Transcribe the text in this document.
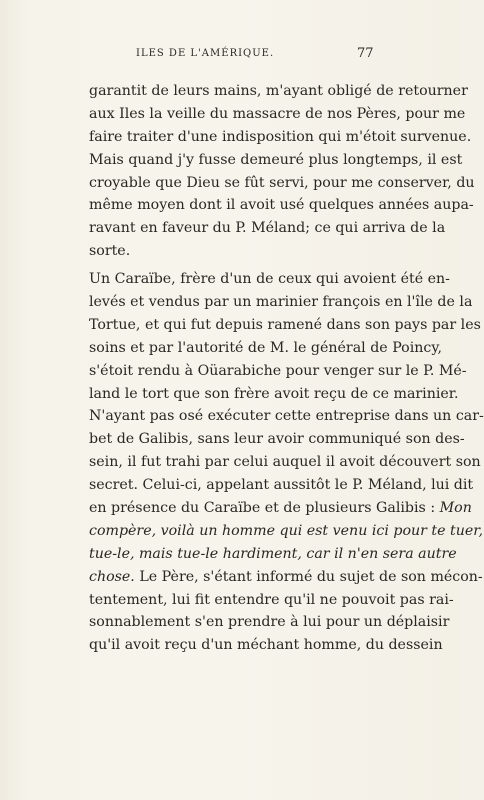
ILES DE L'AMÉRIQUE.	77
garantit de leurs mains, m'ayant obligé de retourner
aux Iles la veille du massacre de nos Pères, pour me
faire traiter d'une indisposition qui m'étoit survenue.
Mais quand j'y fusse demeuré plus longtemps, il est
croyable que Dieu se fût servi, pour me conserver, du
même moyen dont il avoit usé quelques années aupa-
ravant en faveur du P. Méland; ce qui arriva de la
sorte.
Un Caraïbe, frère d'un de ceux qui avoient été en-
levés et vendus par un marinier françois en l'île de la
Tortue, et qui fut depuis ramené dans son pays par les
soins et par l'autorité de M. le général de Poincy,
s'étoit rendu à Oüarabiche pour venger sur le P. Mé-
land le tort que son frère avoit reçu de ce marinier.
N'ayant pas osé exécuter cette entreprise dans un car-
bet de Galibis, sans leur avoir communiqué son des-
sein, il fut trahi par celui auquel il avoit découvert son
secret. Celui-ci, appelant aussitôt le P. Méland, lui dit
en présence du Caraïbe et de plusieurs Galibis : Mon
compère, voilà un homme qui est venu ici pour te tuer,
tue-le, mais tue-le hardiment, car il n'en sera autre
chose. Le Père, s'étant informé du sujet de son mécon-
tentement, lui fit entendre qu'il ne pouvoit pas rai-
sonnablement s'en prendre à lui pour un déplaisir
qu'il avoit reçu d'un méchant homme, du dessein
